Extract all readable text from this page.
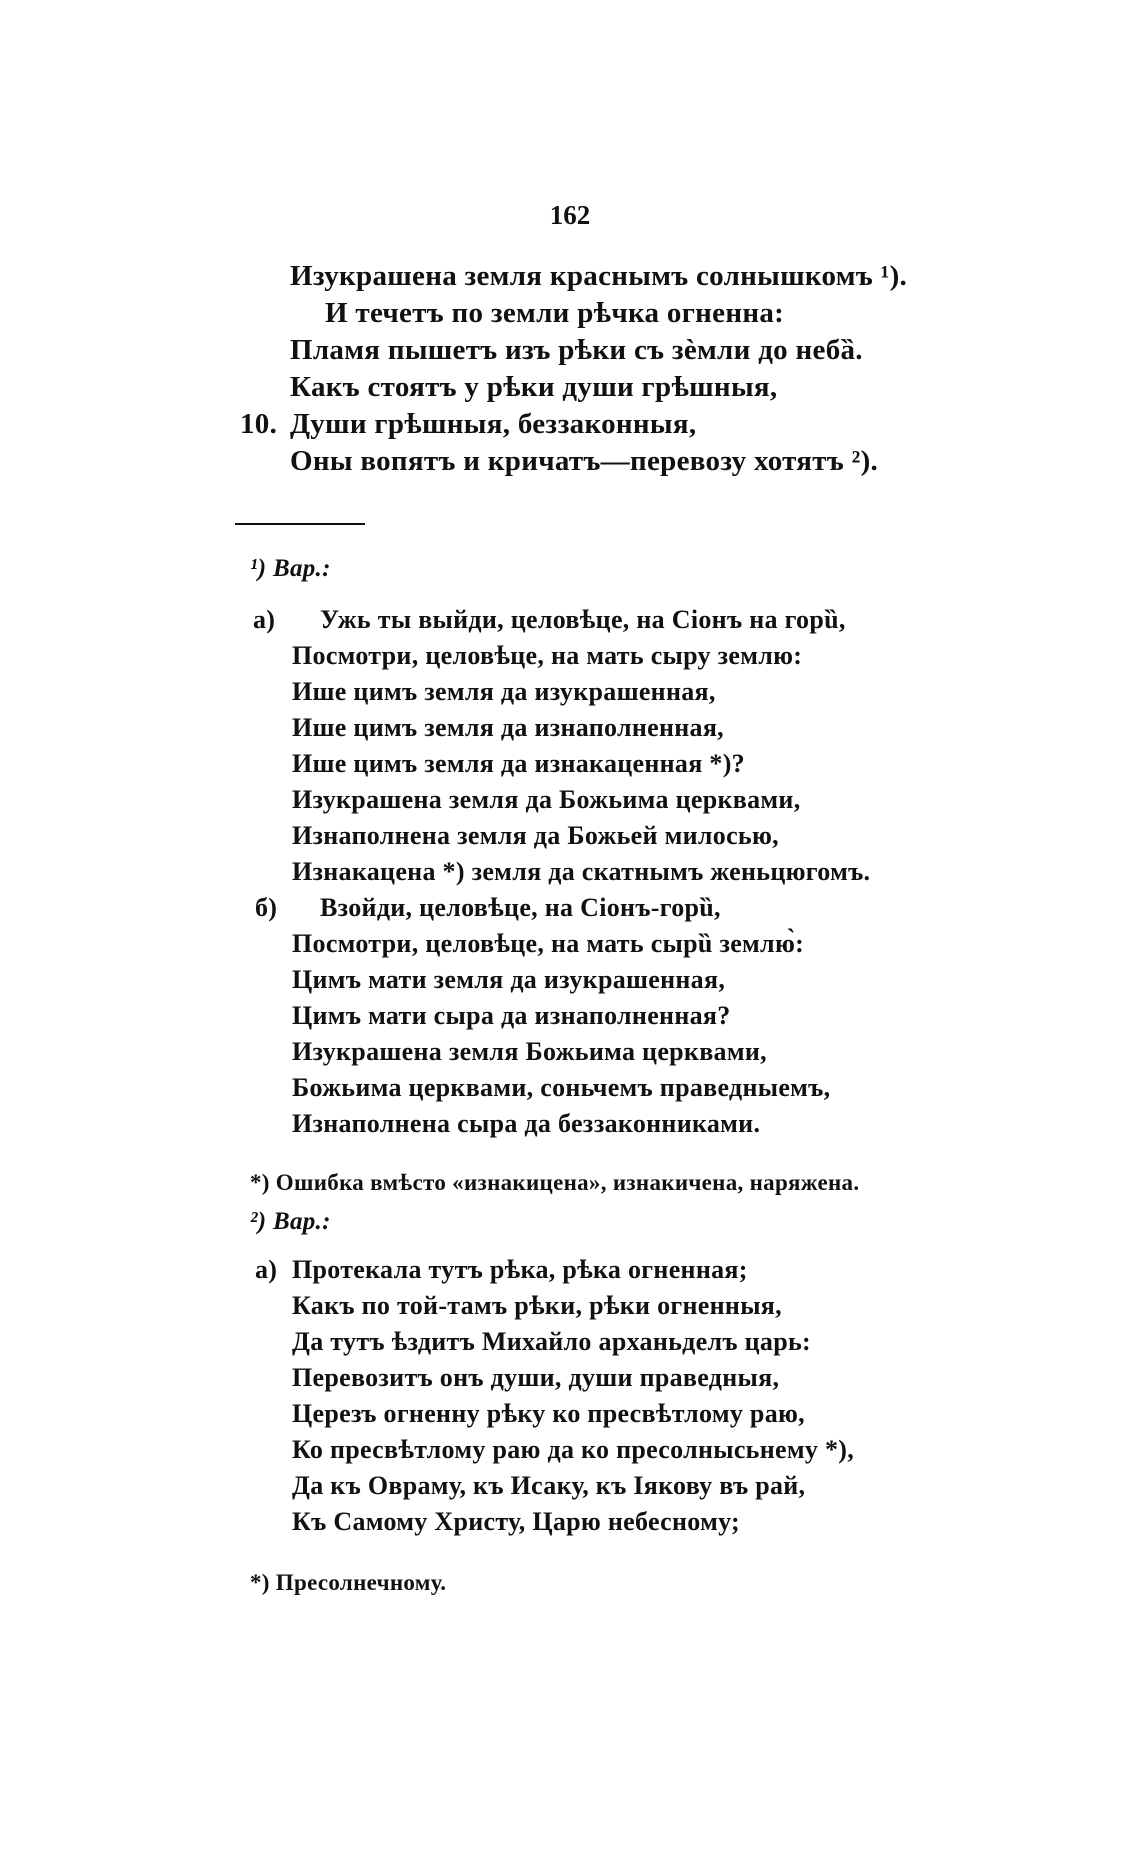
162
Изукрашена земля краснымъ солнышкомъ ¹).
И течетъ по земли рѣчка огненна:
Пламя пышетъ изъ рѣки съ зѐмли до небȁ.
Какъ стоятъ у рѣки души грѣшныя,
10. Души грѣшныя, беззаконныя,
Оны вопятъ и кричатъ—перевозу хотятъ ²).
¹) Вар.:
а) Ужь ты выйди, целовѣце, на Сіонъ на горȕ,
Посмотри, целовѣце, на мать сыру землю:
Ише цимъ земля да изукрашенная,
Ише цимъ земля да изнаполненная,
Ише цимъ земля да изнакаценная *)?
Изукрашена земля да Божьима церквами,
Изнаполнена земля да Божьей милосью,
Изнакацена *) земля да скатнымъ женьцюгомъ.
б) Взойди, целовѣце, на Сіонъ-горȕ,
Посмотри, целовѣце, на мать сырȕ землю̀:
Цимъ мати земля да изукрашенная,
Цимъ мати сыра да изнаполненная?
Изукрашена земля Божьима церквами,
Божьима церквами, соньчемъ праведныемъ,
Изнаполнена сыра да беззаконниками.
*) Ошибка вмѣсто «изнакицена», изнакичена, наряжена.
²) Вар.:
а) Протекала тутъ рѣка, рѣка огненная;
Какъ по той-тамъ рѣки, рѣки огненныя,
Да тутъ ѣздитъ Михайло арханьделъ царь:
Перевозитъ онъ души, души праведныя,
Церезъ огненну рѣку ко пресвѣтлому раю,
Ко пресвѣтлому раю да ко пресолнысьнему *),
Да къ Овраму, къ Исаку, къ Іякову въ рай,
Къ Самому Христу, Царю небесному;
*) Пресолнечному.
